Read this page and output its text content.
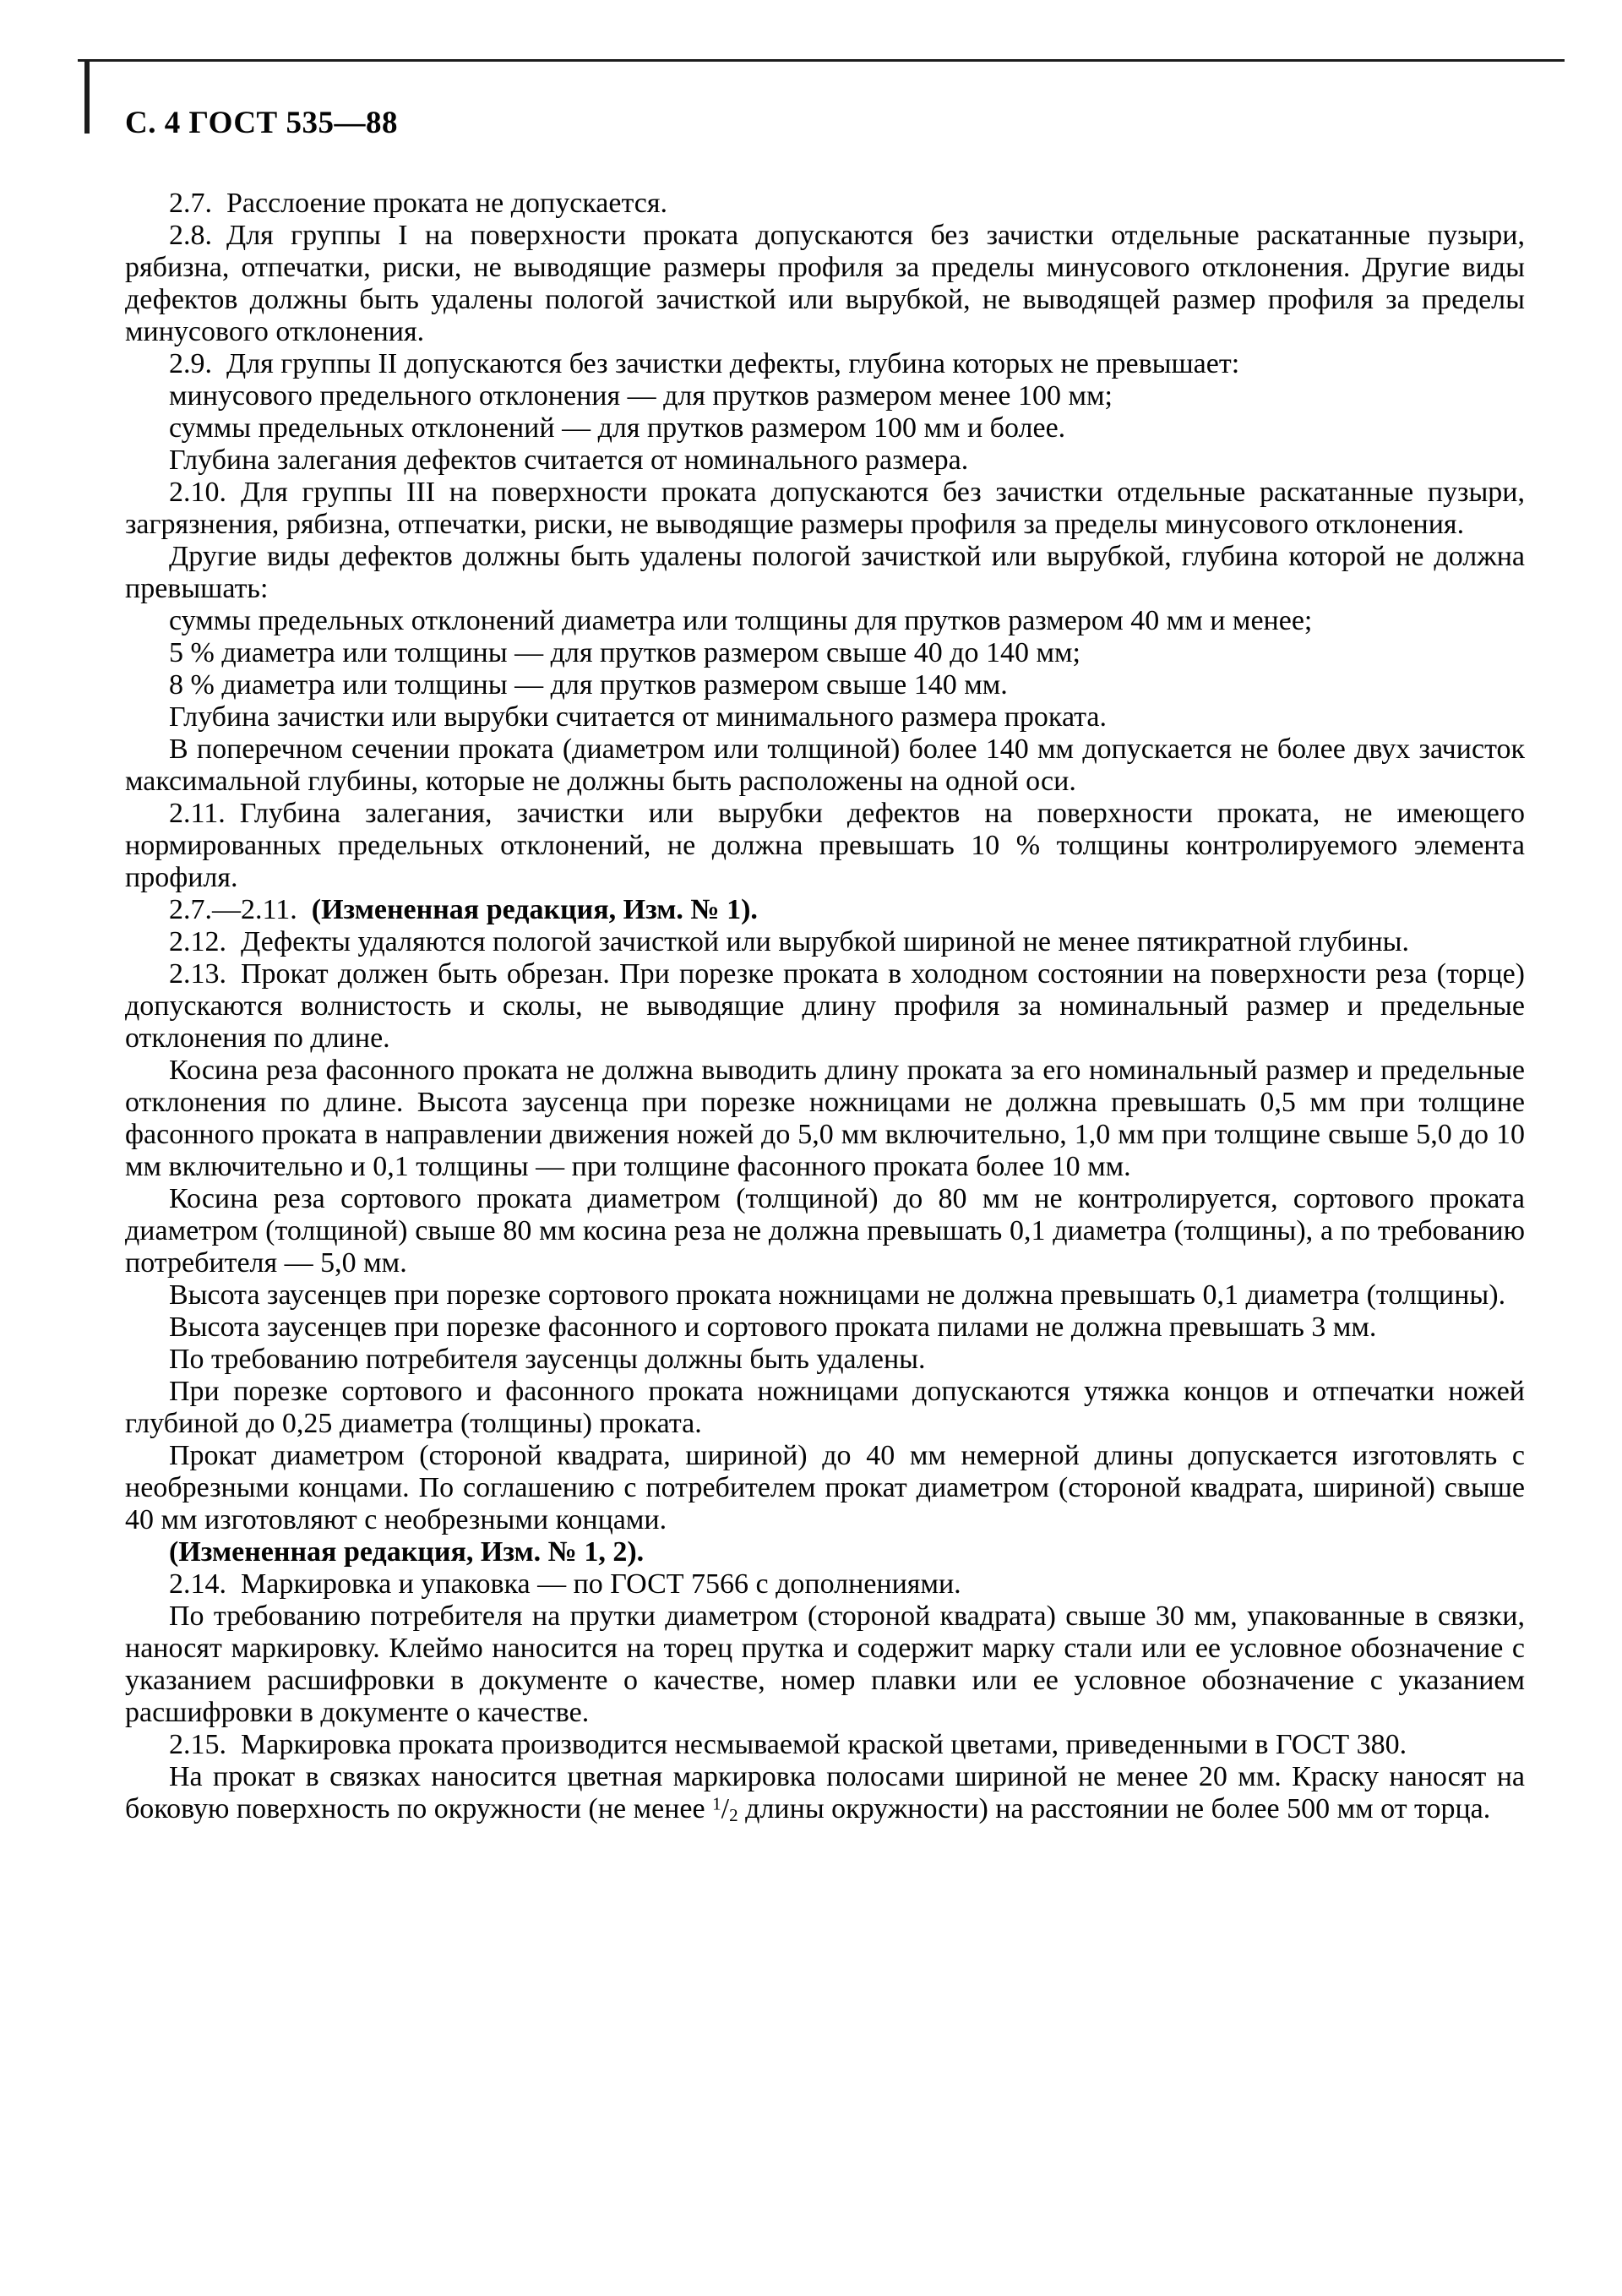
С. 4 ГОСТ 535—88

2.7. Расслоение проката не допускается.

2.8. Для группы I на поверхности проката допускаются без зачистки отдельные раскатанные пузыри, рябизна, отпечатки, риски, не выводящие размеры профиля за пределы минусового отклонения. Другие виды дефектов должны быть удалены пологой зачисткой или вырубкой, не выводящей размер профиля за пределы минусового отклонения.

2.9. Для группы II допускаются без зачистки дефекты, глубина которых не превышает:

минусового предельного отклонения — для прутков размером менее 100 мм;

суммы предельных отклонений — для прутков размером 100 мм и более.

Глубина залегания дефектов считается от номинального размера.

2.10. Для группы III на поверхности проката допускаются без зачистки отдельные раскатанные пузыри, загрязнения, рябизна, отпечатки, риски, не выводящие размеры профиля за пределы минусового отклонения.

Другие виды дефектов должны быть удалены пологой зачисткой или вырубкой, глубина которой не должна превышать:

суммы предельных отклонений диаметра или толщины для прутков размером 40 мм и менее;

5 % диаметра или толщины — для прутков размером свыше 40 до 140 мм;

8 % диаметра или толщины — для прутков размером свыше 140 мм.

Глубина зачистки или вырубки считается от минимального размера проката.

В поперечном сечении проката (диаметром или толщиной) более 140 мм допускается не более двух зачисток максимальной глубины, которые не должны быть расположены на одной оси.

2.11. Глубина залегания, зачистки или вырубки дефектов на поверхности проката, не имеющего нормированных предельных отклонений, не должна превышать 10 % толщины контролируемого элемента профиля.

2.7.—2.11. (Измененная редакция, Изм. № 1).

2.12. Дефекты удаляются пологой зачисткой или вырубкой шириной не менее пятикратной глубины.

2.13. Прокат должен быть обрезан. При порезке проката в холодном состоянии на поверхности реза (торце) допускаются волнистость и сколы, не выводящие длину профиля за номинальный размер и предельные отклонения по длине.

Косина реза фасонного проката не должна выводить длину проката за его номинальный размер и предельные отклонения по длине. Высота заусенца при порезке ножницами не должна превышать 0,5 мм при толщине фасонного проката в направлении движения ножей до 5,0 мм включительно, 1,0 мм при толщине свыше 5,0 до 10 мм включительно и 0,1 толщины — при толщине фасонного проката более 10 мм.

Косина реза сортового проката диаметром (толщиной) до 80 мм не контролируется, сортового проката диаметром (толщиной) свыше 80 мм косина реза не должна превышать 0,1 диаметра (толщины), а по требованию потребителя — 5,0 мм.

Высота заусенцев при порезке сортового проката ножницами не должна превышать 0,1 диаметра (толщины).

Высота заусенцев при порезке фасонного и сортового проката пилами не должна превышать 3 мм.

По требованию потребителя заусенцы должны быть удалены.

При порезке сортового и фасонного проката ножницами допускаются утяжка концов и отпечатки ножей глубиной до 0,25 диаметра (толщины) проката.

Прокат диаметром (стороной квадрата, шириной) до 40 мм немерной длины допускается изготовлять с необрезными концами. По соглашению с потребителем прокат диаметром (стороной квадрата, шириной) свыше 40 мм изготовляют с необрезными концами.

(Измененная редакция, Изм. № 1, 2).

2.14. Маркировка и упаковка — по ГОСТ 7566 с дополнениями.

По требованию потребителя на прутки диаметром (стороной квадрата) свыше 30 мм, упакованные в связки, наносят маркировку. Клеймо наносится на торец прутка и содержит марку стали или ее условное обозначение с указанием расшифровки в документе о качестве, номер плавки или ее условное обозначение с указанием расшифровки в документе о качестве.

2.15. Маркировка проката производится несмываемой краской цветами, приведенными в ГОСТ 380.

На прокат в связках наносится цветная маркировка полосами шириной не менее 20 мм. Краску наносят на боковую поверхность по окружности (не менее $^1$/2 длины окружности) на расстоянии не более 500 мм от торца.
